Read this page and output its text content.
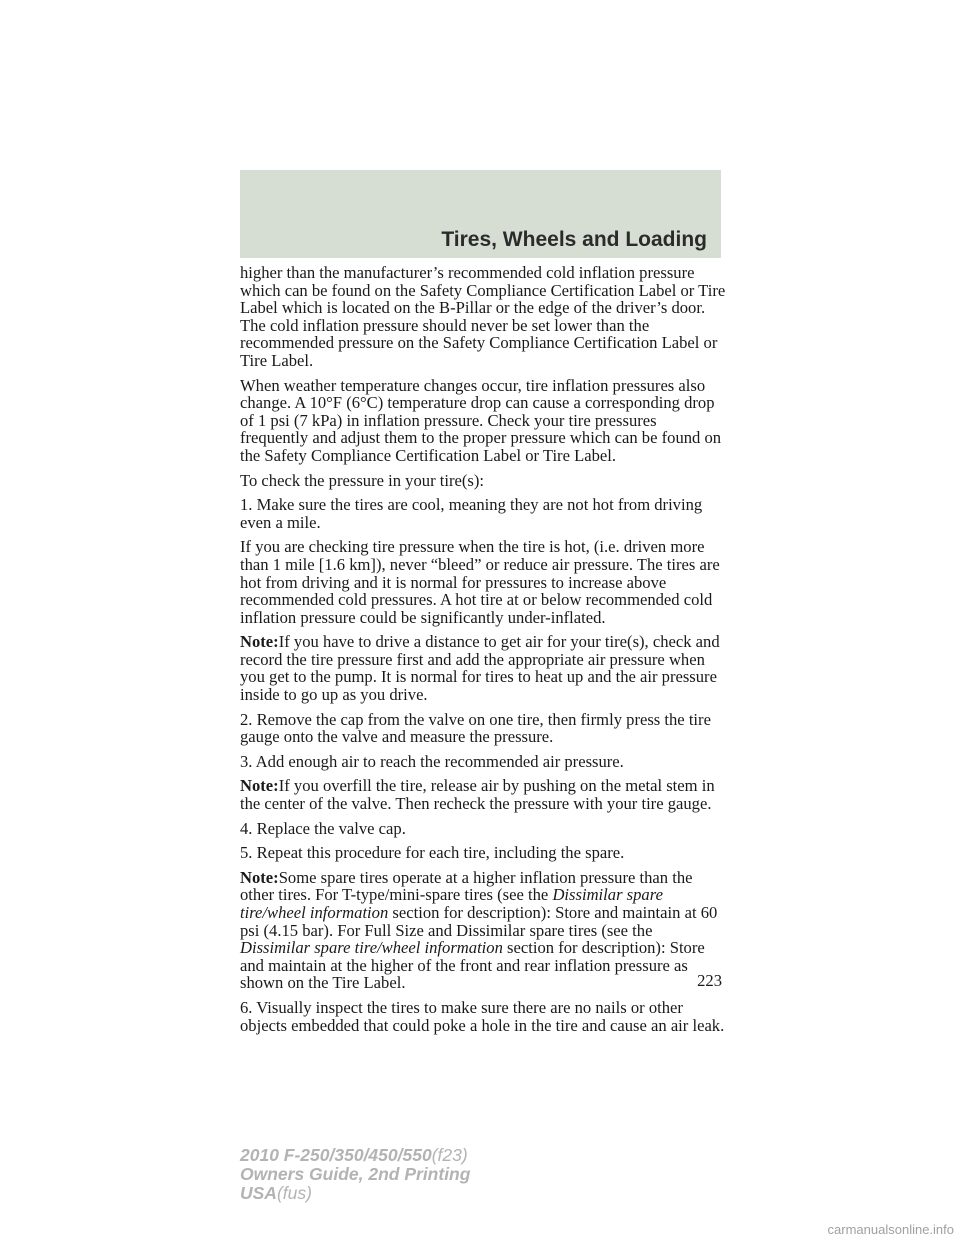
Tires, Wheels and Loading

higher than the manufacturer’s recommended cold inflation pressure which can be found on the Safety Compliance Certification Label or Tire Label which is located on the B-Pillar or the edge of the driver’s door. The cold inflation pressure should never be set lower than the recommended pressure on the Safety Compliance Certification Label or Tire Label.

When weather temperature changes occur, tire inflation pressures also change. A 10°F (6°C) temperature drop can cause a corresponding drop of 1 psi (7 kPa) in inflation pressure. Check your tire pressures frequently and adjust them to the proper pressure which can be found on the Safety Compliance Certification Label or Tire Label.

To check the pressure in your tire(s):

1. Make sure the tires are cool, meaning they are not hot from driving even a mile.

If you are checking tire pressure when the tire is hot, (i.e. driven more than 1 mile [1.6 km]), never “bleed” or reduce air pressure. The tires are hot from driving and it is normal for pressures to increase above recommended cold pressures. A hot tire at or below recommended cold inflation pressure could be significantly under-inflated.

Note:If you have to drive a distance to get air for your tire(s), check and record the tire pressure first and add the appropriate air pressure when you get to the pump. It is normal for tires to heat up and the air pressure inside to go up as you drive.

2. Remove the cap from the valve on one tire, then firmly press the tire gauge onto the valve and measure the pressure.

3. Add enough air to reach the recommended air pressure.

Note:If you overfill the tire, release air by pushing on the metal stem in the center of the valve. Then recheck the pressure with your tire gauge.

4. Replace the valve cap.

5. Repeat this procedure for each tire, including the spare.

Note:Some spare tires operate at a higher inflation pressure than the other tires. For T-type/mini-spare tires (see the Dissimilar spare tire/wheel information section for description): Store and maintain at 60 psi (4.15 bar). For Full Size and Dissimilar spare tires (see the Dissimilar spare tire/wheel information section for description): Store and maintain at the higher of the front and rear inflation pressure as shown on the Tire Label.

6. Visually inspect the tires to make sure there are no nails or other objects embedded that could poke a hole in the tire and cause an air leak.

223
2010 F-250/350/450/550(f23)
Owners Guide, 2nd Printing
USA(fus)
carmanualsonline.info
